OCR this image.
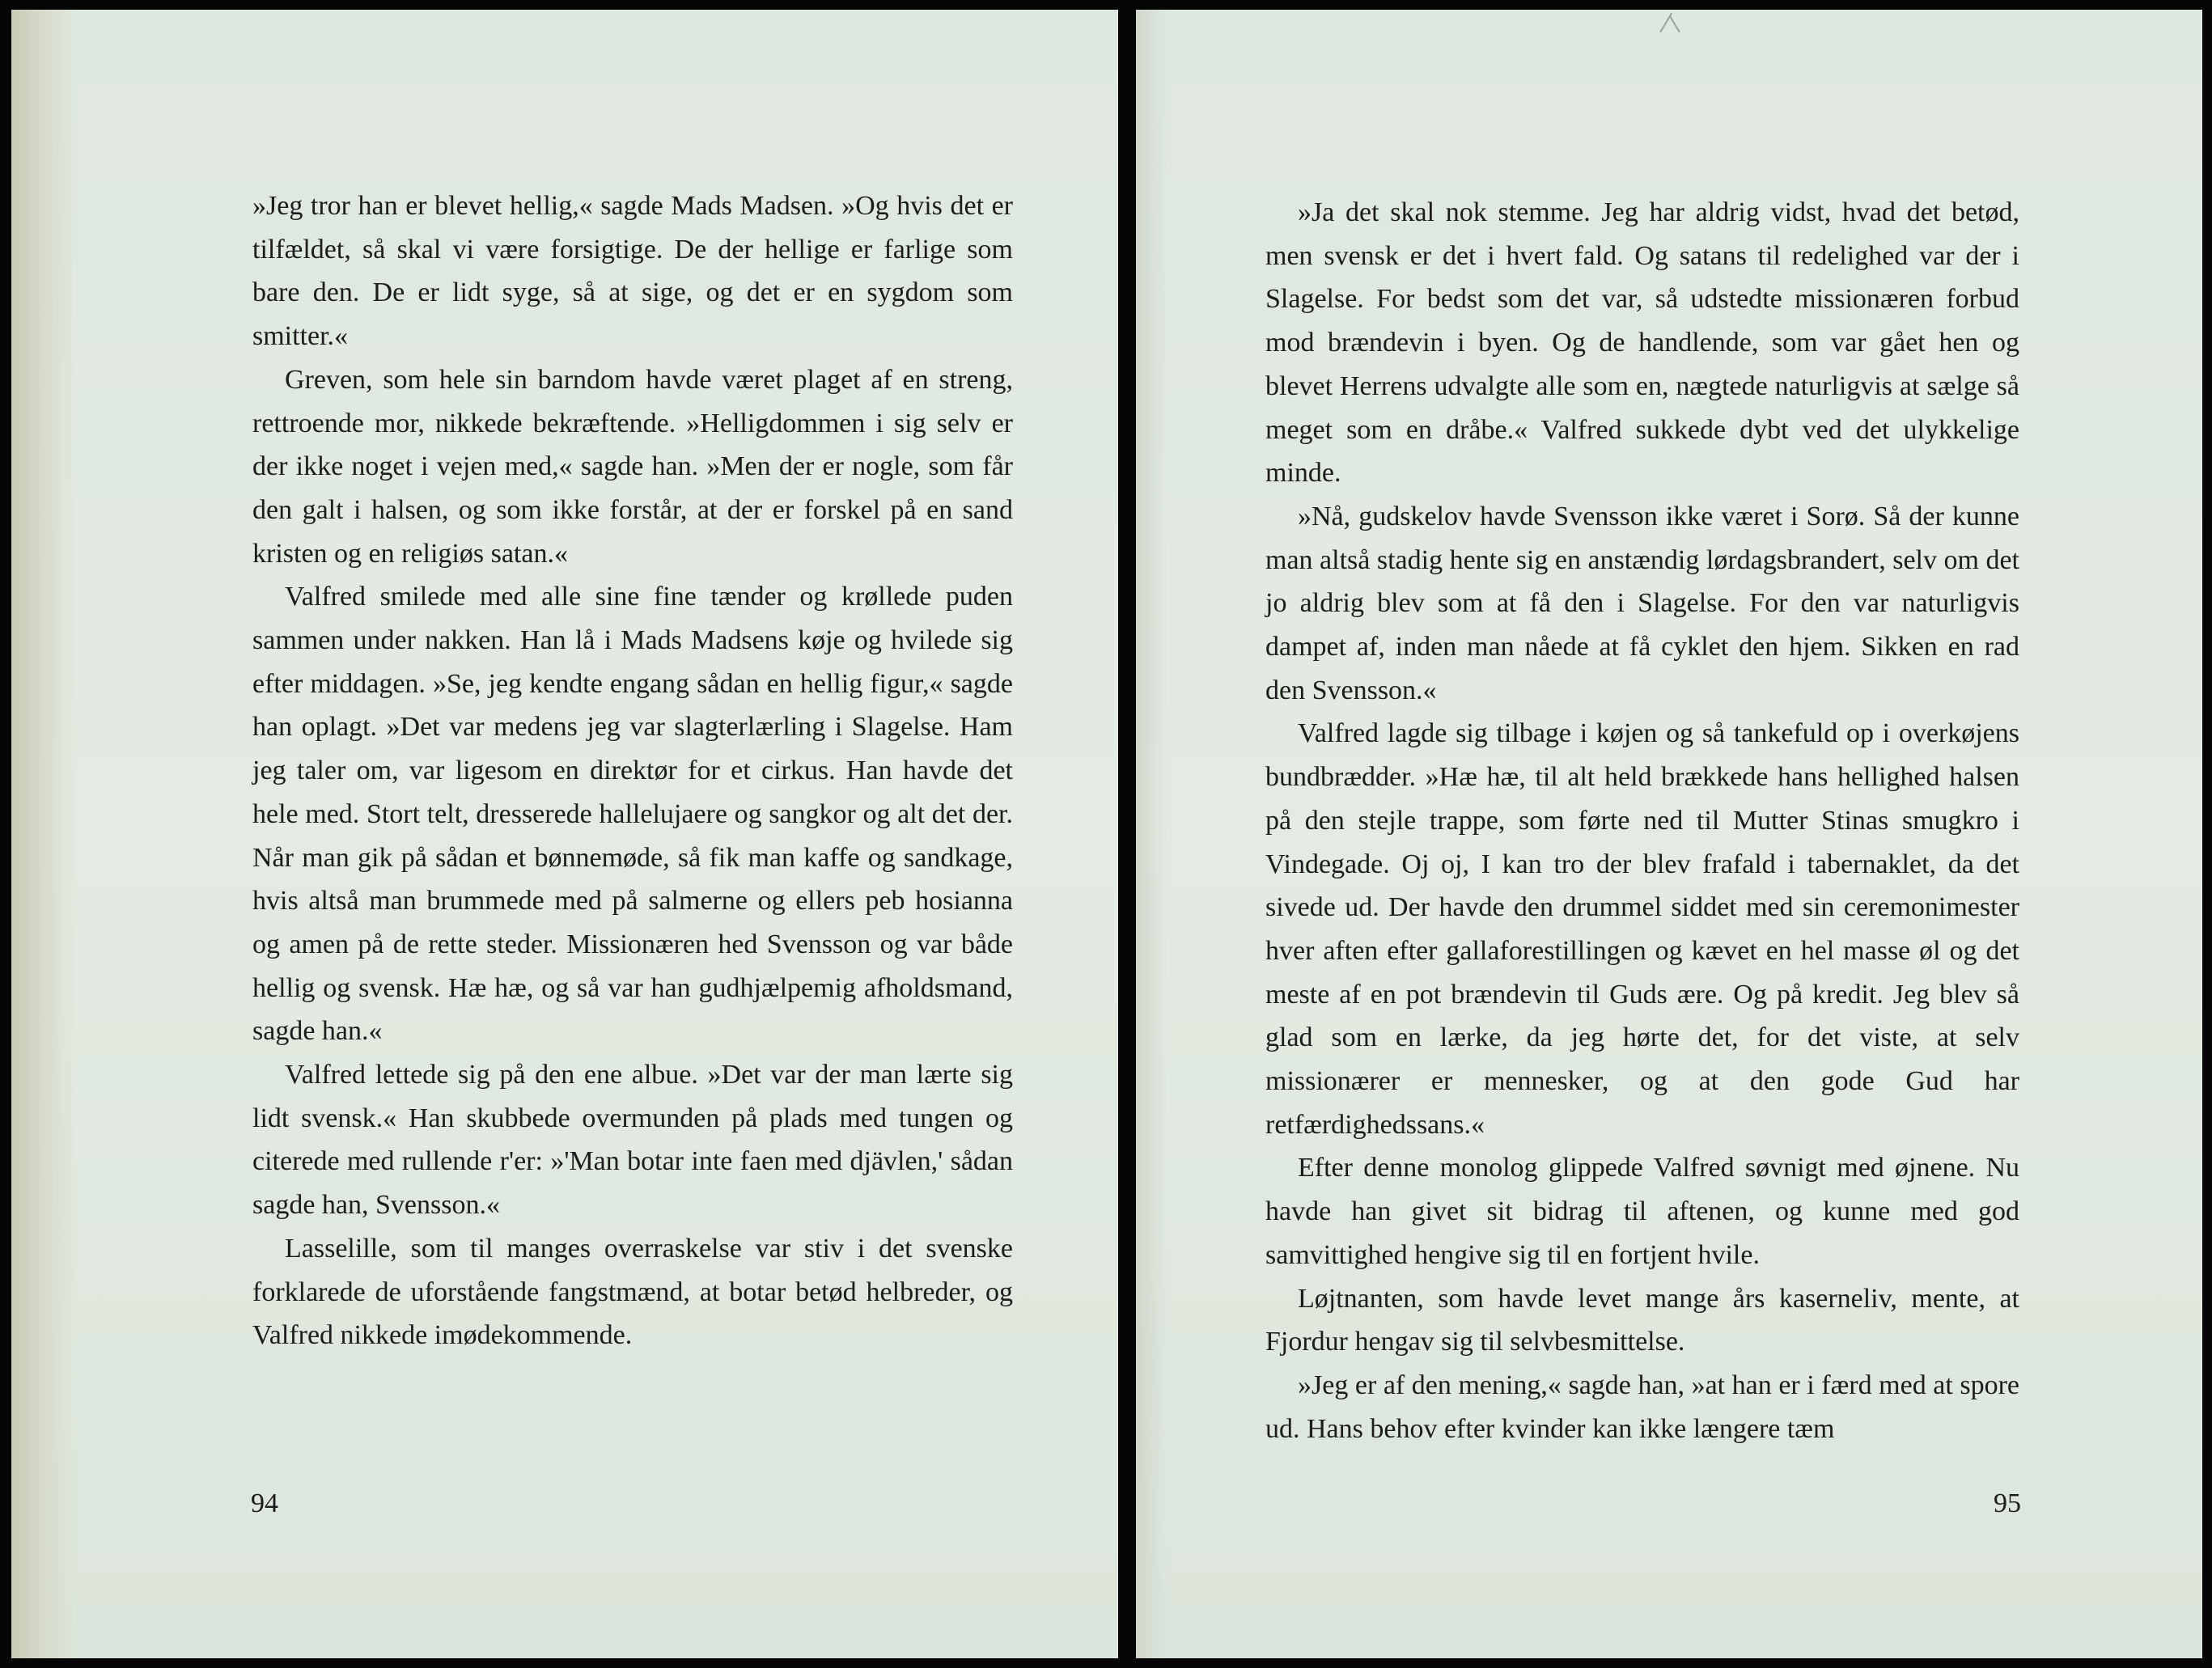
»Jeg tror han er blevet hellig,« sagde Mads Madsen. »Og hvis det er tilfældet, så skal vi være forsigtige. De der hellige er farlige som bare den. De er lidt syge, så at sige, og det er en sygdom som smitter.«

Greven, som hele sin barndom havde været plaget af en streng, rettroende mor, nikkede bekræftende. »Helligdommen i sig selv er der ikke noget i vejen med,« sagde han. »Men der er nogle, som får den galt i halsen, og som ikke forstår, at der er forskel på en sand kristen og en religiøs satan.«

Valfred smilede med alle sine fine tænder og krøllede puden sammen under nakken. Han lå i Mads Madsens køje og hvilede sig efter middagen. »Se, jeg kendte engang sådan en hellig figur,« sagde han oplagt. »Det var medens jeg var slagterlærling i Slagelse. Ham jeg taler om, var ligesom en direktør for et cirkus. Han havde det hele med. Stort telt, dresserede hallelujaere og sangkor og alt det der. Når man gik på sådan et bønnemøde, så fik man kaffe og sandkage, hvis altså man brummede med på salmerne og ellers peb hosianna og amen på de rette steder. Missionæren hed Svensson og var både hellig og svensk. Hæ hæ, og så var han gudhjælpemig afholdsmand, sagde han.«

Valfred lettede sig på den ene albue. »Det var der man lærte sig lidt svensk.« Han skubbede overmunden på plads med tungen og citerede med rullende r'er: »'Man botar inte faen med djävlen,' sådan sagde han, Svensson.«

Lasselille, som til manges overraskelse var stiv i det svenske forklarede de uforstående fangstmænd, at botar betød helbreder, og Valfred nikkede imødekommende.

94

»Ja det skal nok stemme. Jeg har aldrig vidst, hvad det betød, men svensk er det i hvert fald. Og satans til redelighed var der i Slagelse. For bedst som det var, så udstedte missionæren forbud mod brændevin i byen. Og de handlende, som var gået hen og blevet Herrens udvalgte alle som en, nægtede naturligvis at sælge så meget som en dråbe.« Valfred sukkede dybt ved det ulykkelige minde.

»Nå, gudskelov havde Svensson ikke været i Sorø. Så der kunne man altså stadig hente sig en anstændig lørdagsbrandert, selv om det jo aldrig blev som at få den i Slagelse. For den var naturligvis dampet af, inden man nåede at få cyklet den hjem. Sikken en rad den Svensson.«

Valfred lagde sig tilbage i køjen og så tankefuld op i overkøjens bundbrædder. »Hæ hæ, til alt held brækkede hans hellighed halsen på den stejle trappe, som førte ned til Mutter Stinas smugkro i Vindegade. Oj oj, I kan tro der blev frafald i tabernaklet, da det sivede ud. Der havde den drummel siddet med sin ceremonimester hver aften efter gallaforestillingen og kævet en hel masse øl og det meste af en pot brændevin til Guds ære. Og på kredit. Jeg blev så glad som en lærke, da jeg hørte det, for det viste, at selv missionærer er mennesker, og at den gode Gud har retfærdighedssans.«

Efter denne monolog glippede Valfred søvnigt med øjnene. Nu havde han givet sit bidrag til aftenen, og kunne med god samvittighed hengive sig til en fortjent hvile.

Løjtnanten, som havde levet mange års kaserneliv, mente, at Fjordur hengav sig til selvbesmittelse.

»Jeg er af den mening,« sagde han, »at han er i færd med at spore ud. Hans behov efter kvinder kan ikke længere tæm

95
